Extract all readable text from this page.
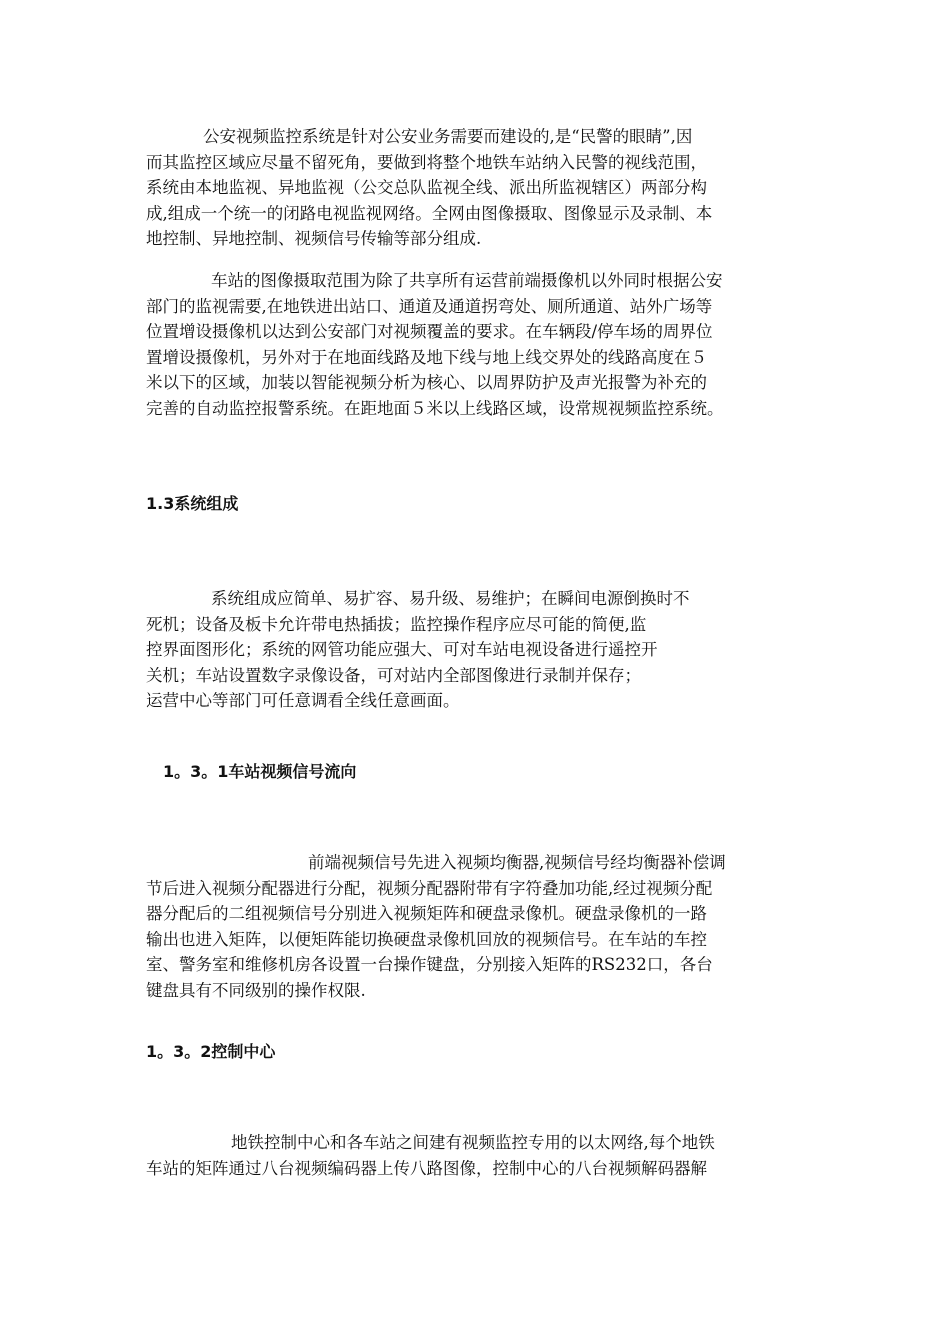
公安视频监控系统是针对公安业务需要而建设的,是“民警的眼睛”,因
而其监控区域应尽量不留死角，要做到将整个地铁车站纳入民警的视线范围，
系统由本地监视、异地监视（公交总队监视全线、派出所监视辖区）两部分构
成,组成一个统一的闭路电视监视网络。全网由图像摄取、图像显示及录制、本
地控制、异地控制、视频信号传输等部分组成.
车站的图像摄取范围为除了共享所有运营前端摄像机以外同时根据公安
部门的监视需要,在地铁进出站口、通道及通道拐弯处、厕所通道、站外广场等
位置增设摄像机以达到公安部门对视频覆盖的要求。在车辆段/停车场的周界位
置增设摄像机，另外对于在地面线路及地下线与地上线交界处的线路高度在５
米以下的区域，加装以智能视频分析为核心、以周界防护及声光报警为补充的
完善的自动监控报警系统。在距地面５米以上线路区域，设常规视频监控系统。
1.3系统组成
系统组成应简单、易扩容、易升级、易维护；在瞬间电源倒换时不
死机；设备及板卡允许带电热插拔；监控操作程序应尽可能的简便,监
控界面图形化；系统的网管功能应强大、可对车站电视设备进行遥控开
关机；车站设置数字录像设备，可对站内全部图像进行录制并保存；
运营中心等部门可任意调看全线任意画面。
1。3。1车站视频信号流向
前端视频信号先进入视频均衡器,视频信号经均衡器补偿调
节后进入视频分配器进行分配，视频分配器附带有字符叠加功能,经过视频分配
器分配后的二组视频信号分别进入视频矩阵和硬盘录像机。硬盘录像机的一路
输出也进入矩阵，以便矩阵能切换硬盘录像机回放的视频信号。在车站的车控
室、警务室和维修机房各设置一台操作键盘，分别接入矩阵的RS232口，各台
键盘具有不同级别的操作权限.
1。3。2控制中心
地铁控制中心和各车站之间建有视频监控专用的以太网络,每个地铁
车站的矩阵通过八台视频编码器上传八路图像，控制中心的八台视频解码器解
